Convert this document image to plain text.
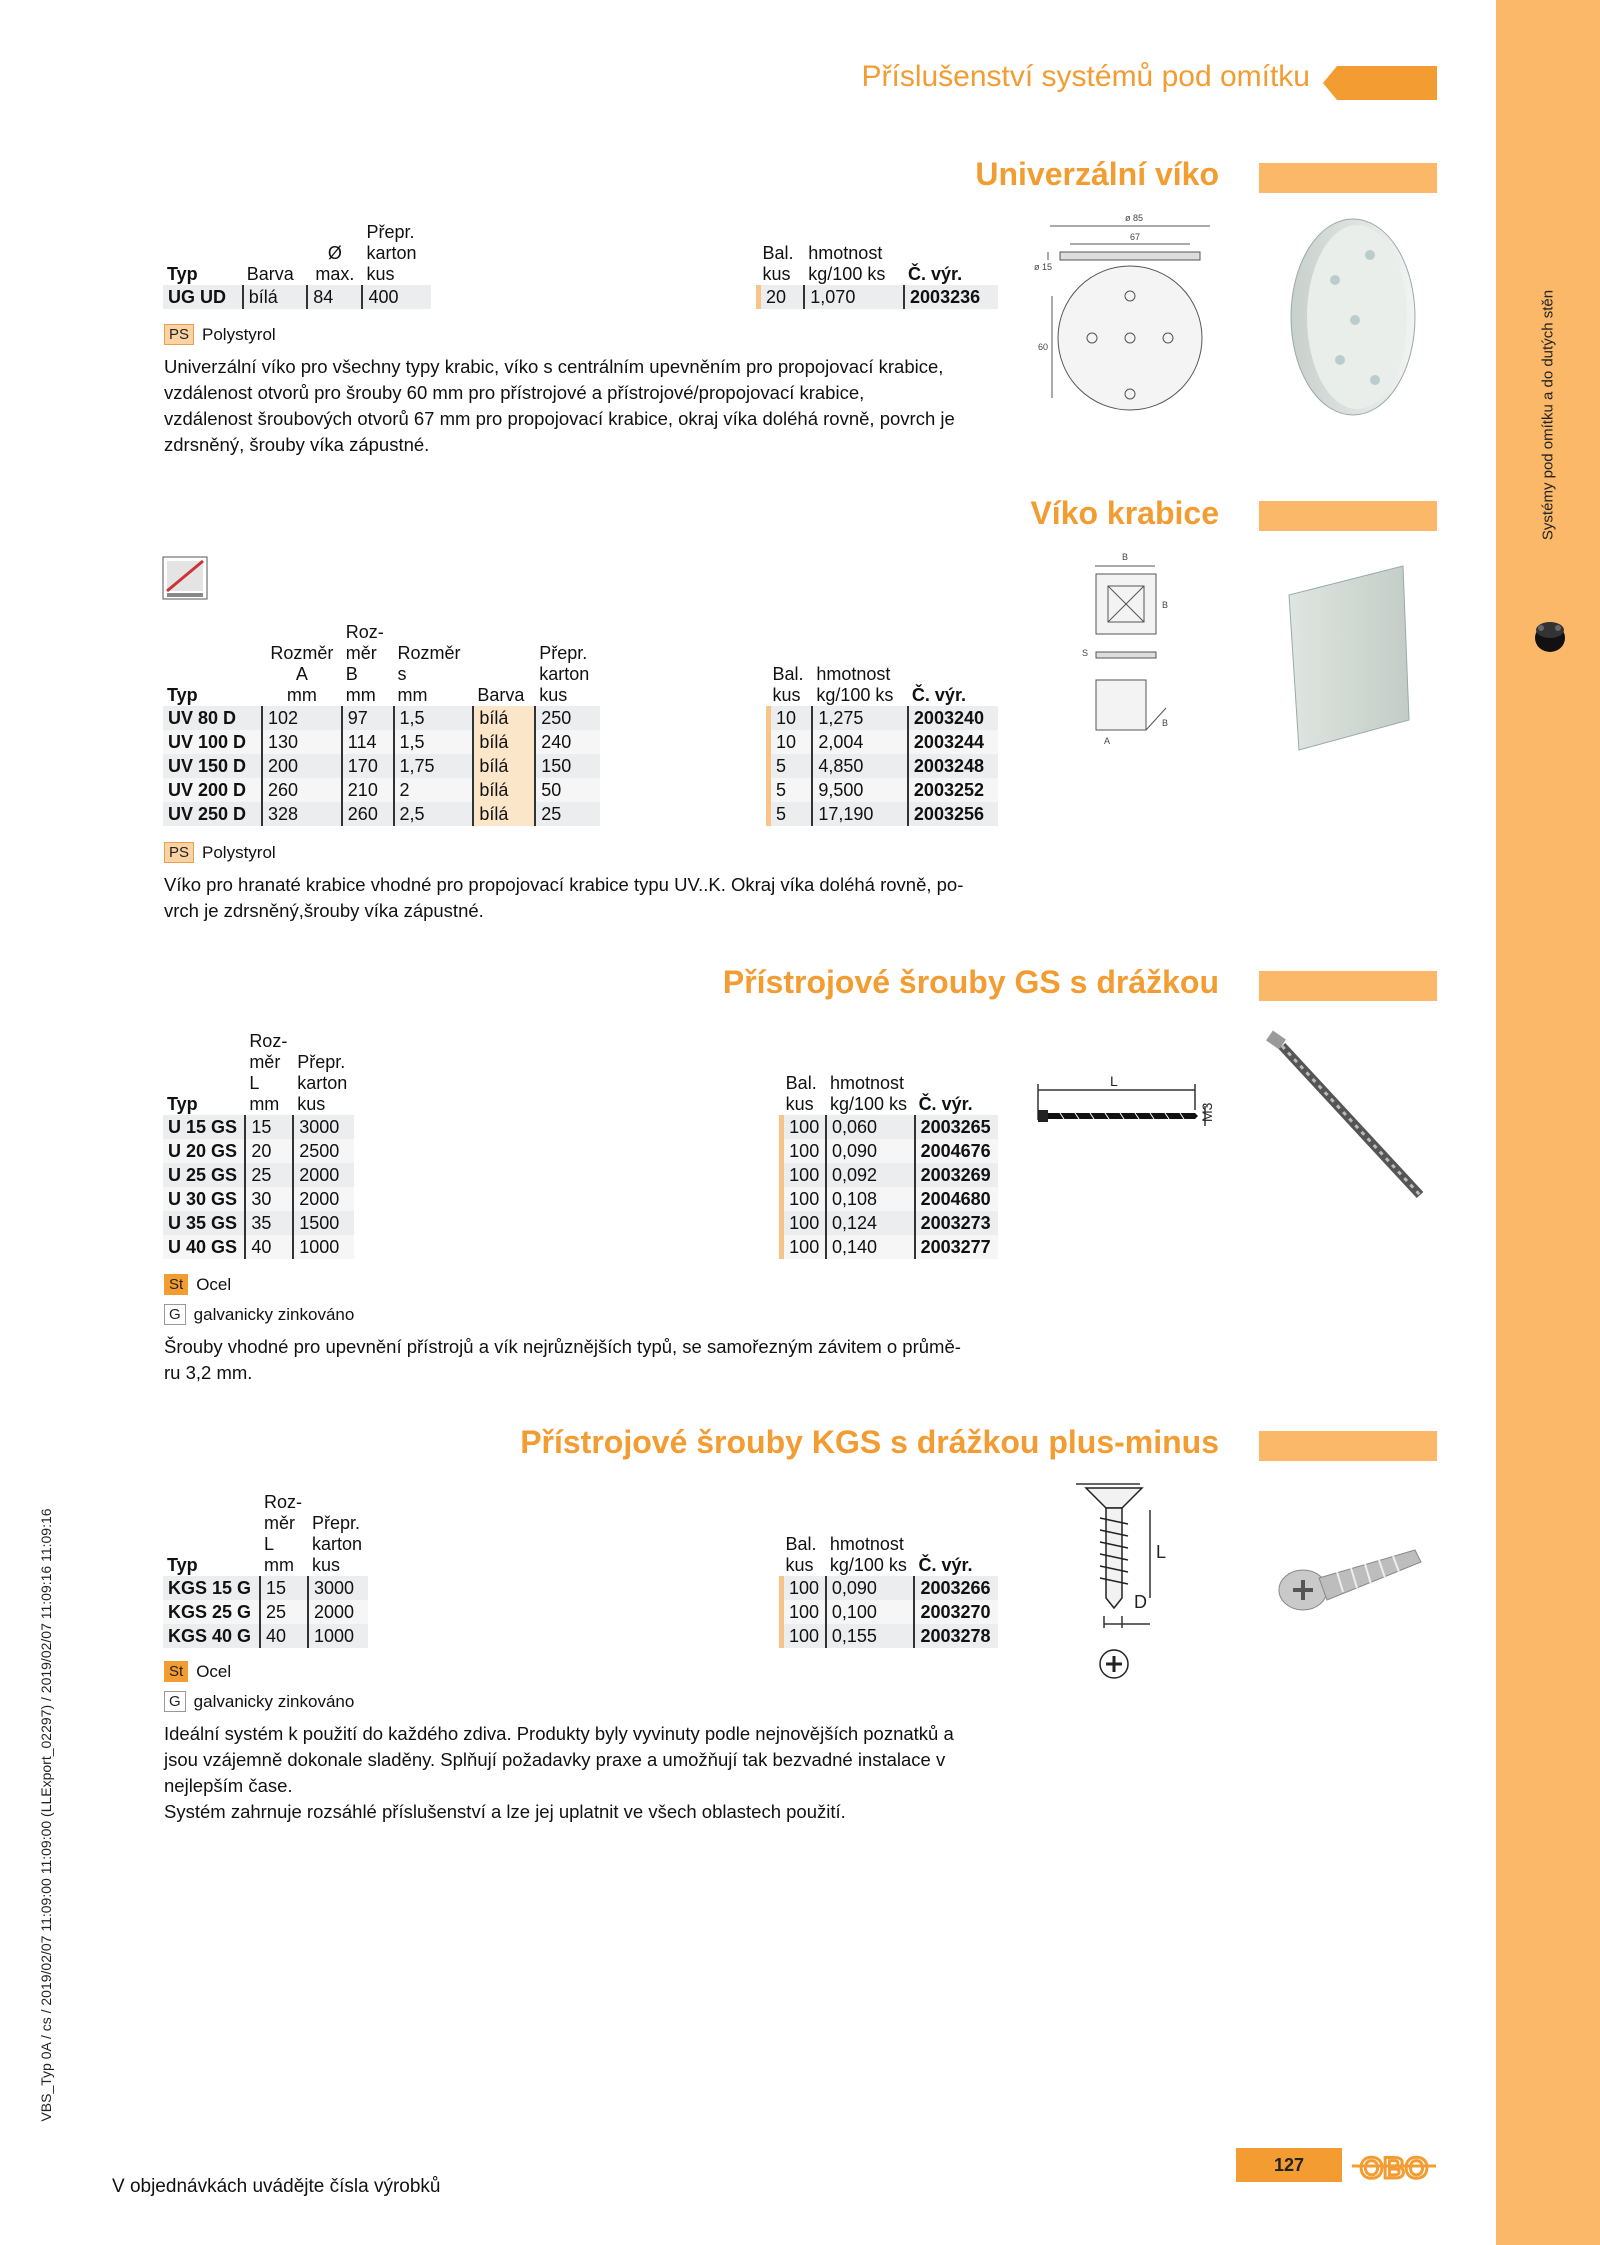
Systémy pod omítku a do dutých stěn
VBS_Typ 0A / cs / 2019/02/07 11:09:00 11:09:00 (LLExport_02297) / 2019/02/07 11:09:16 11:09:16
Příslušenství systémů pod omítku
Univerzální víko
Typ	Barva	Ø
max.	Přepr.
karton
kus		Bal.
kus	hmotnost
kg/100 ks	Č. výr.
UG UD	bílá	84	400		20	1,070	2003236
PS Polystyrol
Univerzální víko pro všechny typy krabic, víko s centrálním upevněním pro propojovací krabice,
vzdálenost otvorů pro šrouby 60 mm pro přístrojové a přístrojové/propojovací krabice,
vzdálenost šroubových otvorů 67 mm pro propojovací krabice, okraj víka doléhá rovně, povrch je
zdrsněný, šrouby víka zápustné.
ø 85
67
ø 15
60
Víko krabice
Typ	Rozměr
A
mm	Roz-
měr
B
mm	Rozměr
s
mm	Barva	Přepr.
karton
kus		Bal.
kus	hmotnost
kg/100 ks	Č. výr.
UV 80 D	102	97	1,5	bílá	250		10	1,275	2003240
UV 100 D	130	114	1,5	bílá	240		10	2,004	2003244
UV 150 D	200	170	1,75	bílá	150		5	4,850	2003248
UV 200 D	260	210	2	bílá	50		5	9,500	2003252
UV 250 D	328	260	2,5	bílá	25		5	17,190	2003256
PS Polystyrol
Víko pro hranaté krabice vhodné pro propojovací krabice typu UV..K. Okraj víka doléhá rovně, po-
vrch je zdrsněný,šrouby víka zápustné.
B
B
S
A
B
Přístrojové šrouby GS s drážkou
Typ	Roz-
měr
L
mm	Přepr.
karton
kus		Bal.
kus	hmotnost
kg/100 ks	Č. výr.
U 15 GS	15	3000		100	0,060	2003265
U 20 GS	20	2500		100	0,090	2004676
U 25 GS	25	2000		100	0,092	2003269
U 30 GS	30	2000		100	0,108	2004680
U 35 GS	35	1500		100	0,124	2003273
U 40 GS	40	1000		100	0,140	2003277
St Ocel
G galvanicky zinkováno
Šrouby vhodné pro upevnění přístrojů a vík nejrůznějších typů, se samořezným závitem o průmě-
ru 3,2 mm.
L
M3
Přístrojové šrouby KGS s drážkou plus-minus
Typ	Roz-
měr
L
mm	Přepr.
karton
kus		Bal.
kus	hmotnost
kg/100 ks	Č. výr.
KGS 15 G	15	3000		100	0,090	2003266
KGS 25 G	25	2000		100	0,100	2003270
KGS 40 G	40	1000		100	0,155	2003278
St Ocel
G galvanicky zinkováno
Ideální systém k použití do každého zdiva. Produkty byly vyvinuty podle nejnovějších poznatků a
jsou vzájemně dokonale sladěny. Splňují požadavky praxe a umožňují tak bezvadné instalace v
nejlepším čase.
Systém zahrnuje rozsáhlé příslušenství a lze jej uplatnit ve všech oblastech použití.
L
D
V objednávkách uvádějte čísla výrobků
127	OBO
